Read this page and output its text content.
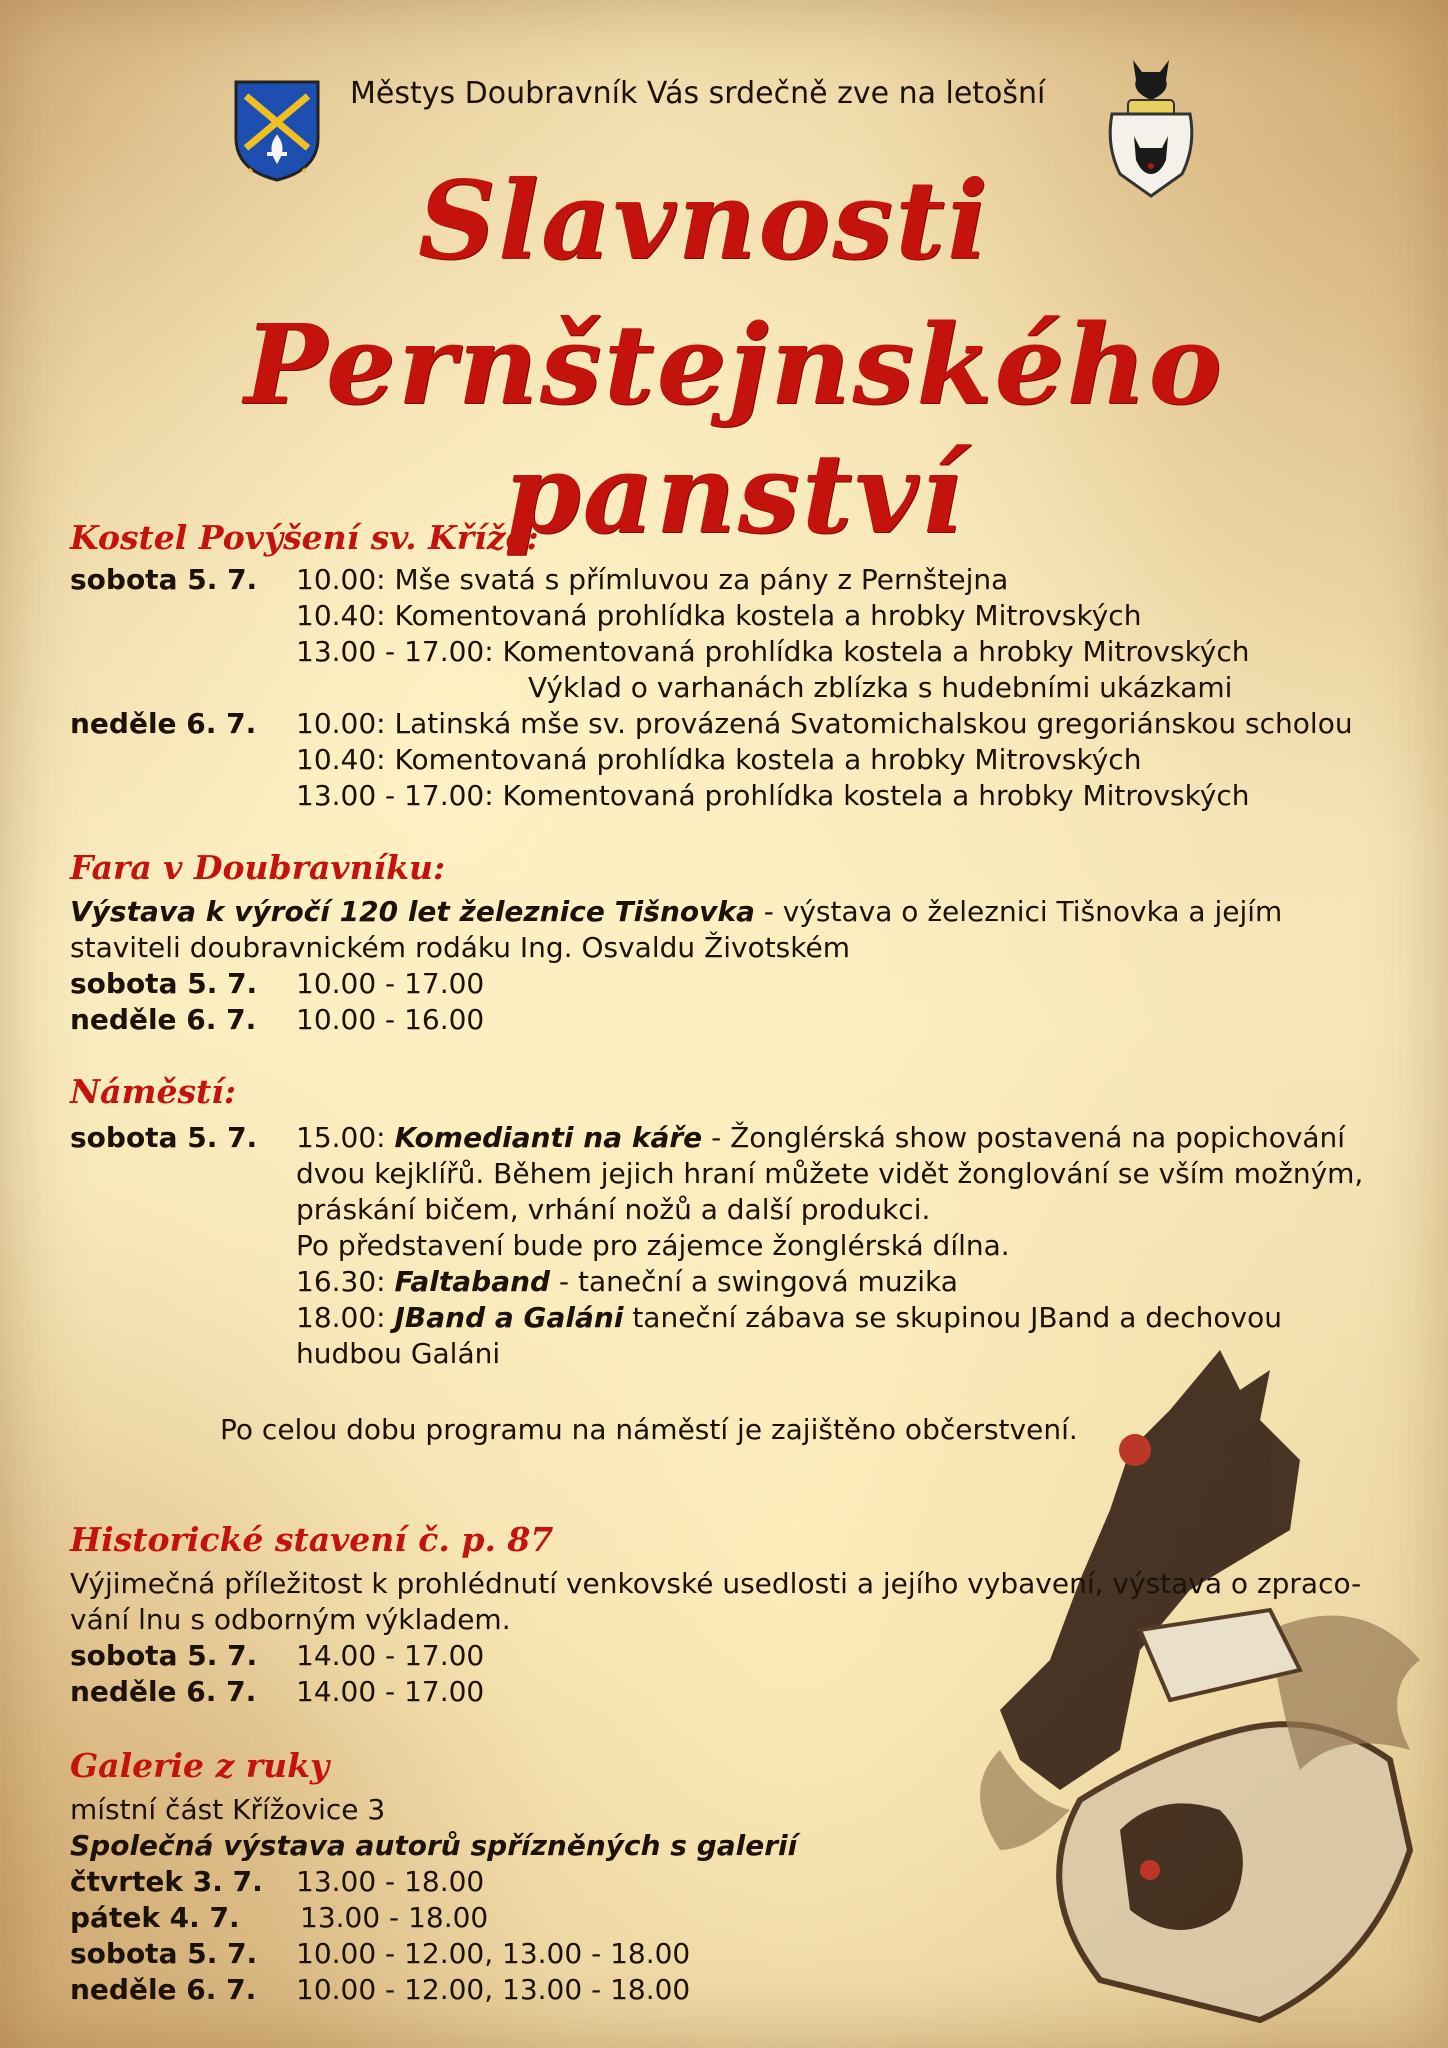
✦	✦
Městys Doubravník Vás srdečně zve na letošní
Slavnosti
Pernštejnského panství
Kostel Povýšení sv. Kříže:
sobota 5. 7. 10.00: Mše svatá s přímluvou za pány z Pernštejna
10.40: Komentovaná prohlídka kostela a hrobky Mitrovských
13.00 - 17.00: Komentovaná prohlídka kostela a hrobky Mitrovských
Výklad o varhanách zblízka s hudebními ukázkami
neděle 6. 7. 10.00: Latinská mše sv. provázená Svatomichalskou gregoriánskou scholou
10.40: Komentovaná prohlídka kostela a hrobky Mitrovských
13.00 - 17.00: Komentovaná prohlídka kostela a hrobky Mitrovských
Fara v Doubravníku:
Výstava k výročí 120 let železnice Tišnovka - výstava o železnici Tišnovka a jejím
staviteli doubravnickém rodáku Ing. Osvaldu Životském
sobota 5. 7. 10.00 - 17.00
neděle 6. 7. 10.00 - 16.00
Náměstí:
sobota 5. 7. 15.00: Komedianti na káře - Žonglérská show postavená na popichování
dvou kejklířů. Během jejich hraní můžete vidět žonglování se vším možným,
práskání bičem, vrhání nožů a další produkci.
Po představení bude pro zájemce žonglérská dílna.
16.30: Faltaband - taneční a swingová muzika
18.00: JBand a Galáni taneční zábava se skupinou JBand a dechovou
hudbou Galáni
Po celou dobu programu na náměstí je zajištěno občerstvení.
Historické stavení č. p. 87
Výjimečná příležitost k prohlédnutí venkovské usedlosti a jejího vybavení, výstava o zpraco-
vání lnu s odborným výkladem.
sobota 5. 7. 14.00 - 17.00
neděle 6. 7. 14.00 - 17.00
Galerie z ruky
místní část Křížovice 3
Společná výstava autorů spřízněných s galerií
čtvrtek 3. 7. 13.00 - 18.00
pátek 4. 7. 13.00 - 18.00
sobota 5. 7. 10.00 - 12.00, 13.00 - 18.00
neděle 6. 7. 10.00 - 12.00, 13.00 - 18.00
